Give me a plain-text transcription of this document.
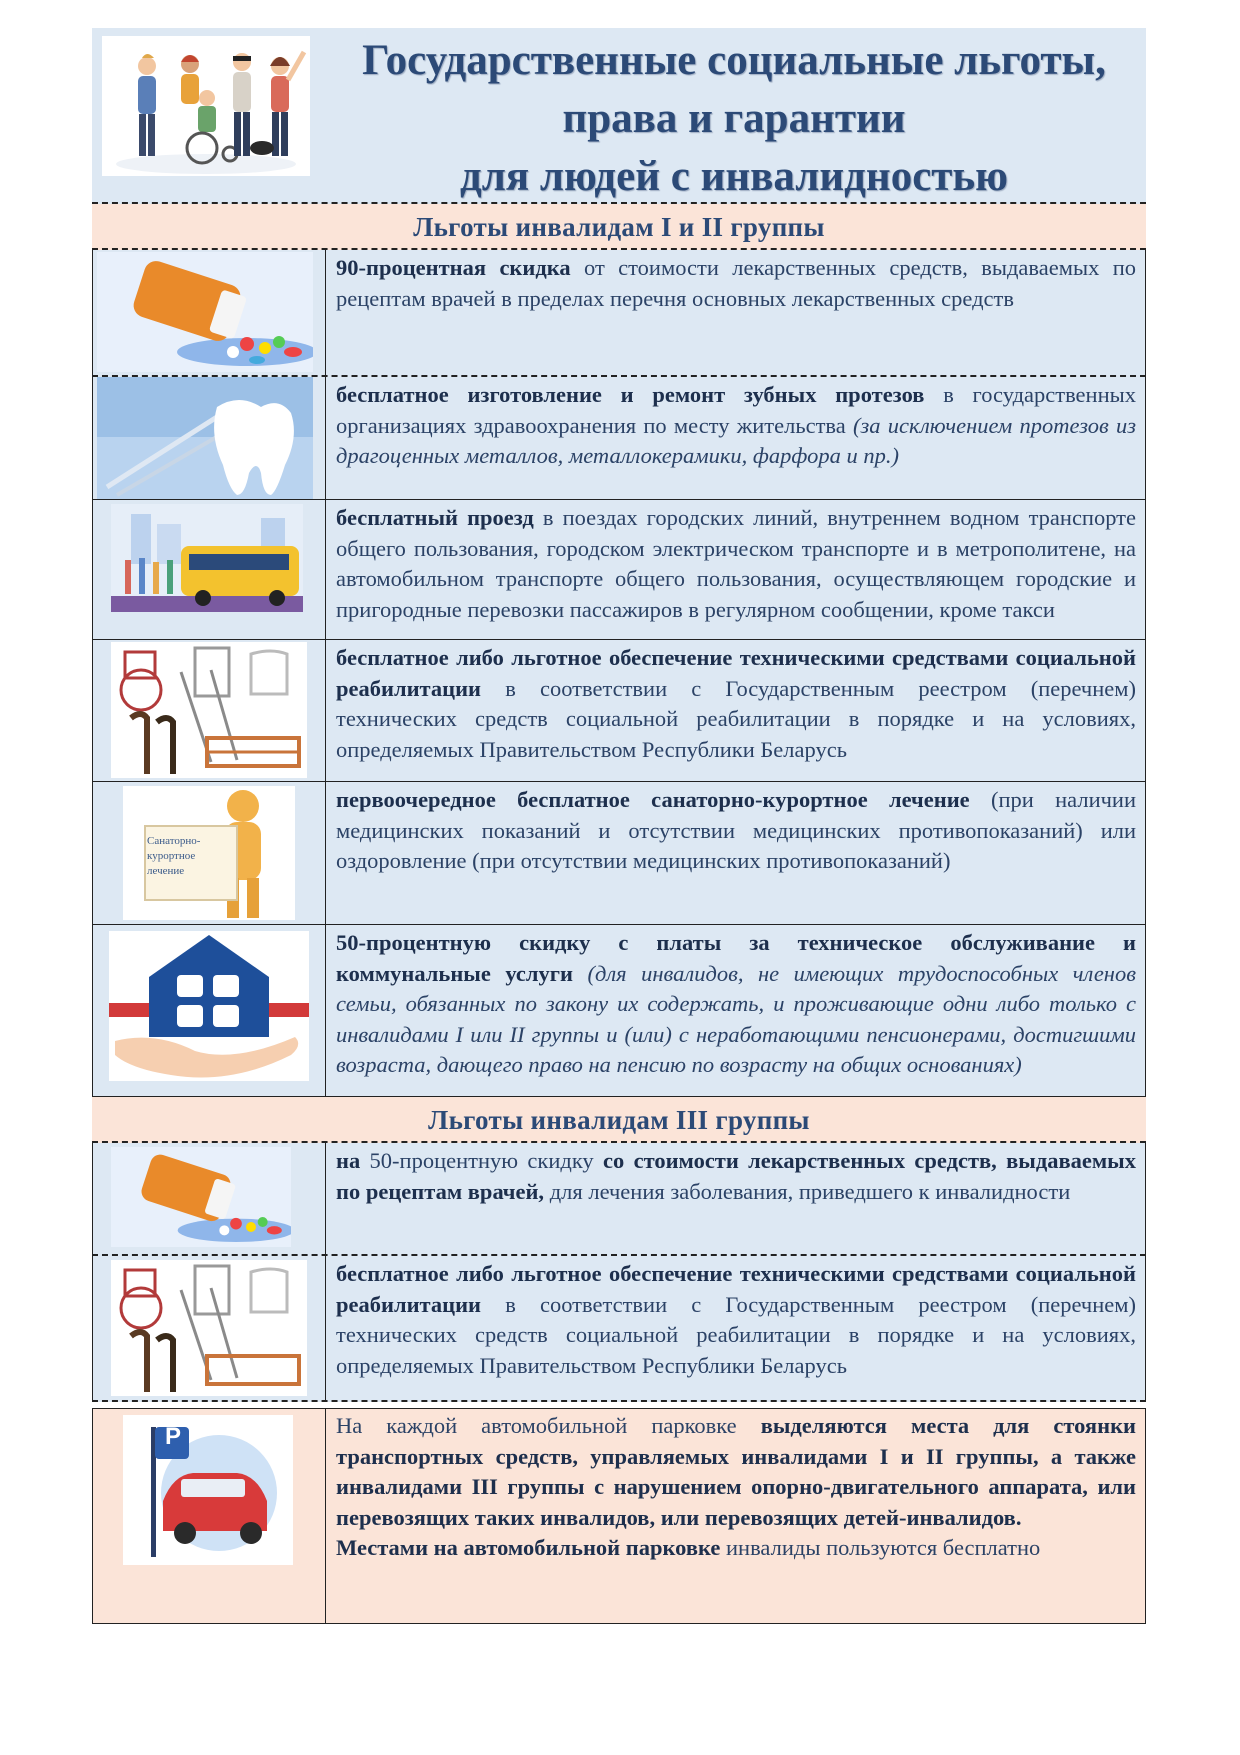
Государственные социальные льготы,
права и гарантии
для людей с инвалидностью
Льготы инвалидам I и II группы
90-процентная скидка от стоимости лекарственных средств, выдаваемых по рецептам врачей в пределах перечня основных лекарственных средств
бесплатное изготовление и ремонт зубных протезов в государственных организациях здравоохранения по месту жительства (за исключением протезов из драгоценных металлов, металлокерамики, фарфора и пр.)
бесплатный проезд в поездах городских линий, внутреннем водном транспорте общего пользования, городском электрическом транспорте и в метрополитене, на автомобильном транспорте общего пользования, осуществляющем городские и пригородные перевозки пассажиров в регулярном сообщении, кроме такси
бесплатное либо льготное обеспечение техническими средствами социальной реабилитации в соответствии с Государственным реестром (перечнем) технических средств социальной реабилитации в порядке и на условиях, определяемых Правительством Республики Беларусь
Санаторно-
курортное
лечение
первоочередное бесплатное санаторно-курортное лечение (при наличии медицинских показаний и отсутствии медицинских противопоказаний) или оздоровление (при отсутствии медицинских противопоказаний)
50-процентную скидку с платы за техническое обслуживание и коммунальные услуги (для инвалидов, не имеющих трудоспособных членов семьи, обязанных по закону их содержать, и проживающие одни либо только с инвалидами I или II группы и (или) с неработающими пенсионерами, достигшими возраста, дающего право на пенсию по возрасту на общих основаниях)
Льготы инвалидам III группы
на 50-процентную скидку со стоимости лекарственных средств, выдаваемых по рецептам врачей, для лечения заболевания, приведшего к инвалидности
бесплатное либо льготное обеспечение техническими средствами социальной реабилитации в соответствии с Государственным реестром (перечнем) технических средств социальной реабилитации в порядке и на условиях, определяемых Правительством Республики Беларусь
P	На каждой автомобильной парковке выделяются места для стоянки транспортных средств, управляемых инвалидами I и II группы, а также инвалидами III группы с нарушением опорно-двигательного аппарата, или перевозящих таких инвалидов, или перевозящих детей-инвалидов.
Местами на автомобильной парковке инвалиды пользуются бесплатно
